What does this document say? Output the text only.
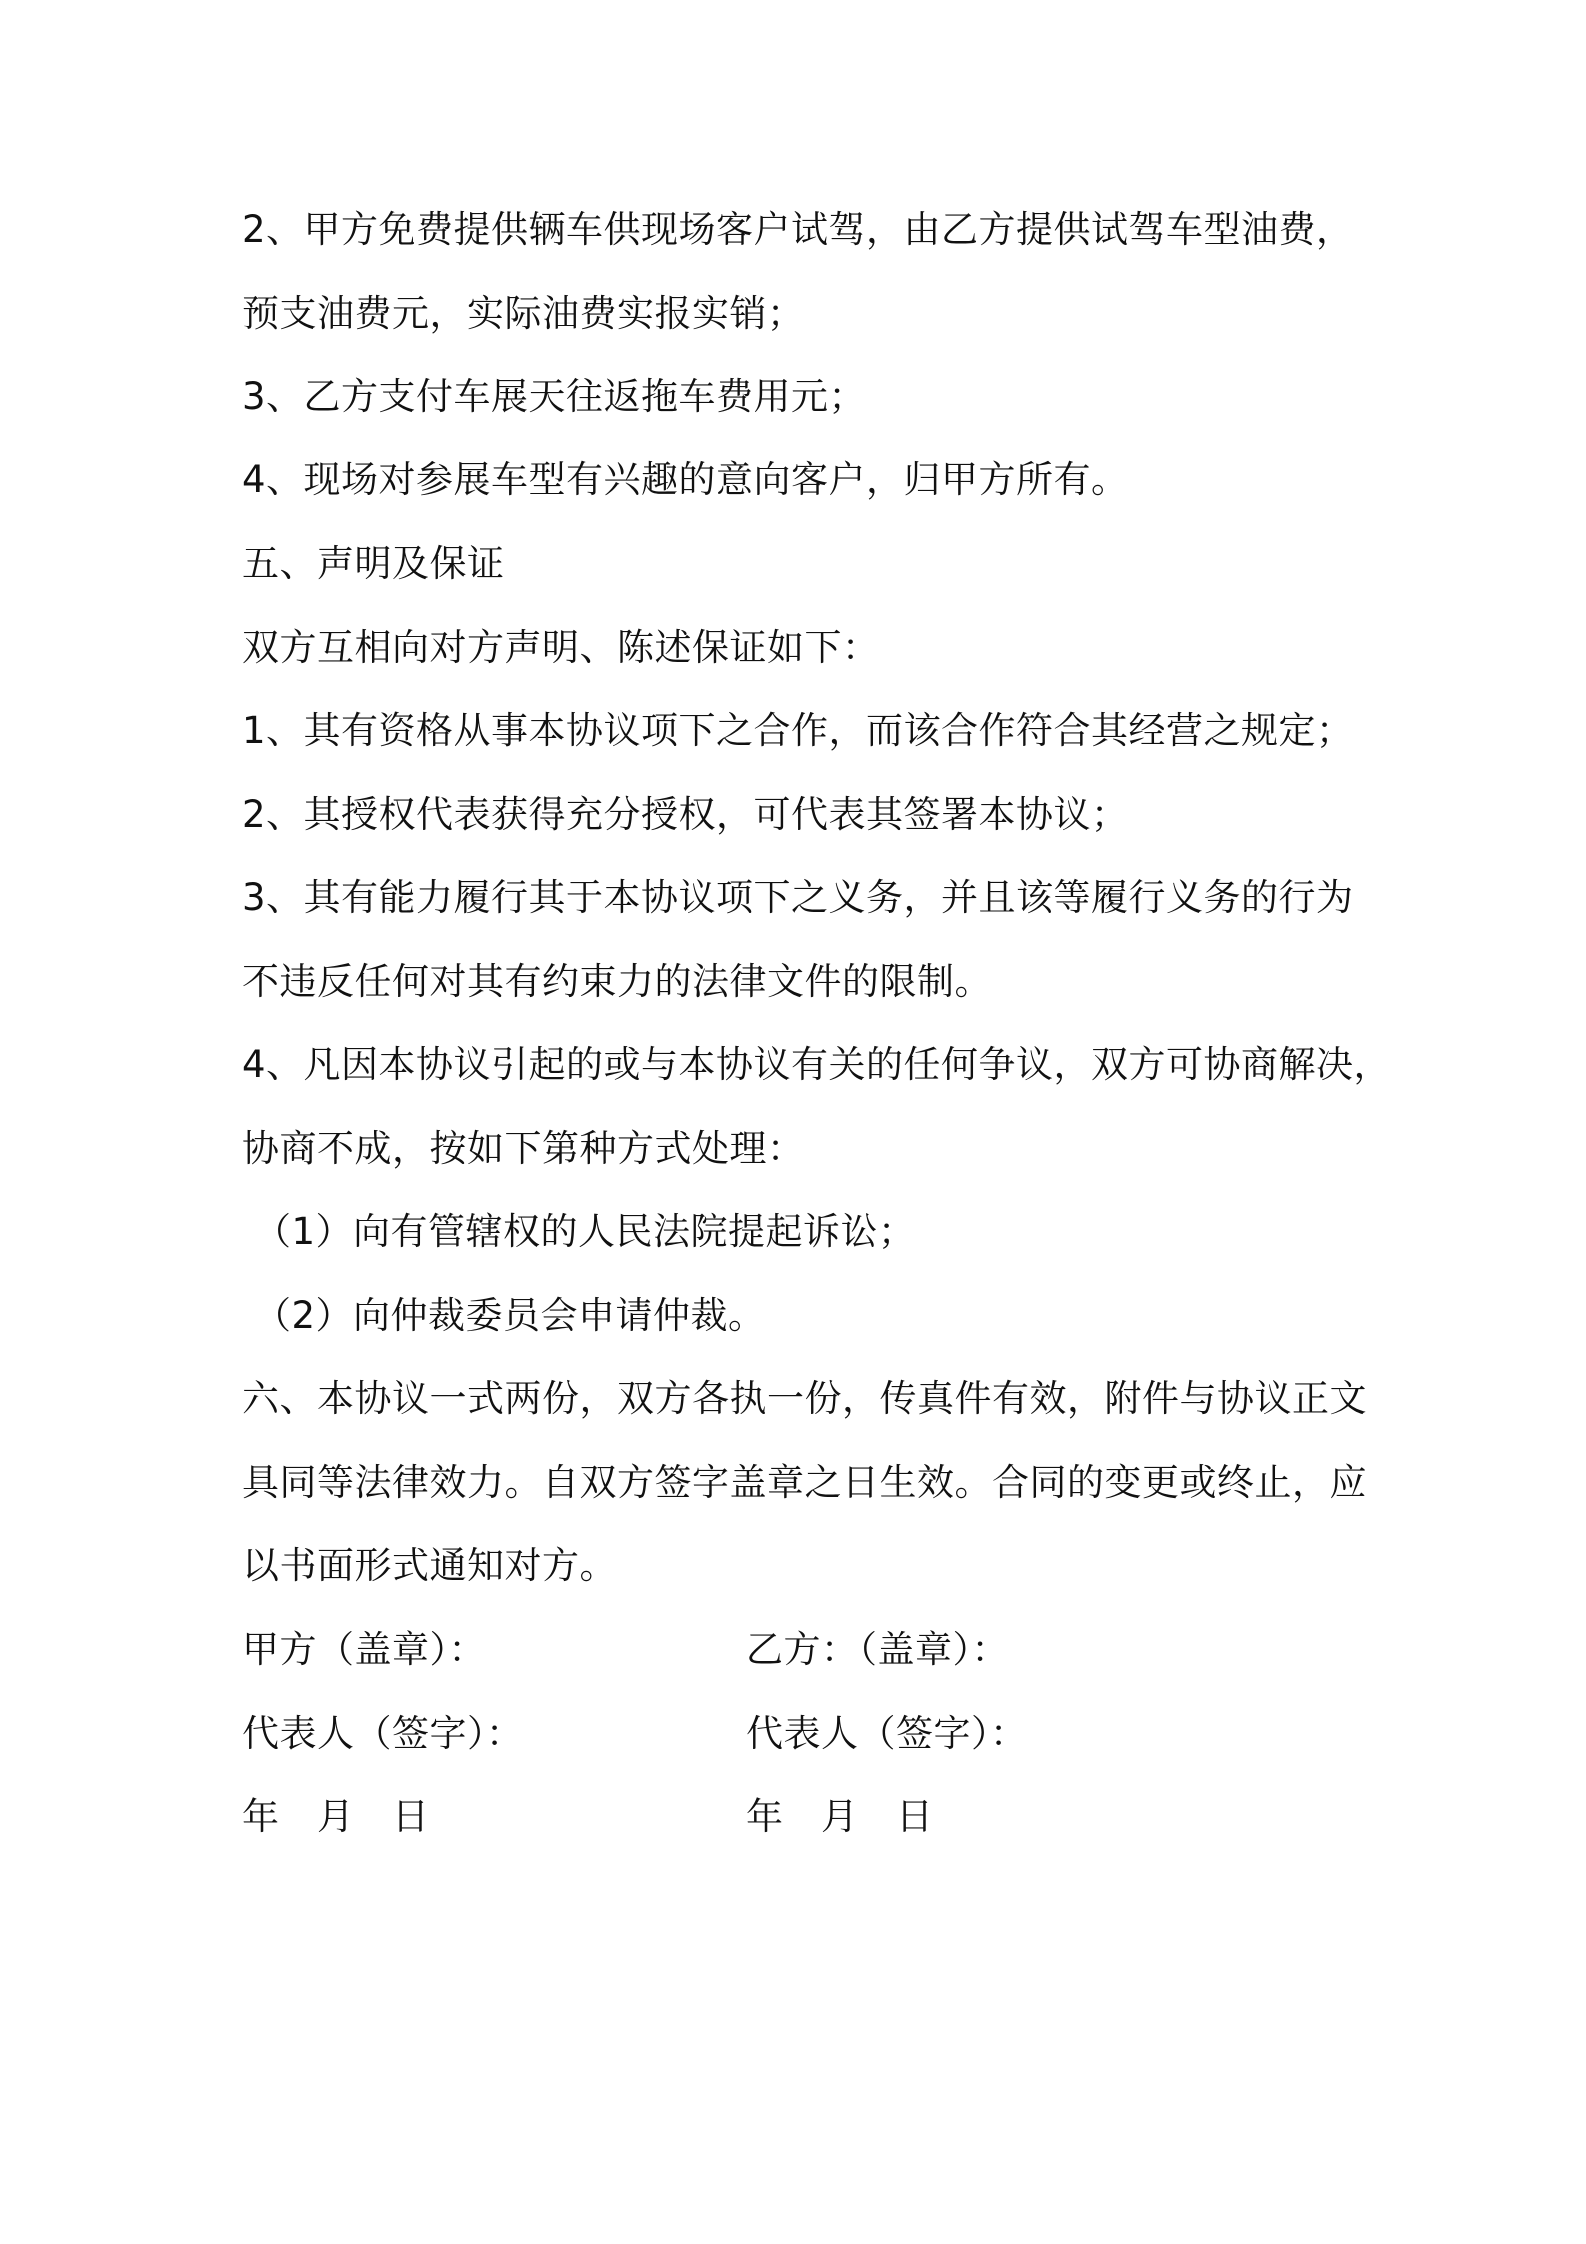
2、甲方免费提供辆车供现场客户试驾，由乙方提供试驾车型油费，
预支油费元，实际油费实报实销；
3、乙方支付车展天往返拖车费用元；
4、现场对参展车型有兴趣的意向客户，归甲方所有。
五、声明及保证
双方互相向对方声明、陈述保证如下：
1、其有资格从事本协议项下之合作，而该合作符合其经营之规定；
2、其授权代表获得充分授权，可代表其签署本协议；
3、其有能力履行其于本协议项下之义务，并且该等履行义务的行为
不违反任何对其有约束力的法律文件的限制。
4、凡因本协议引起的或与本协议有关的任何争议，双方可协商解决，
协商不成，按如下第种方式处理：
（1）向有管辖权的人民法院提起诉讼；
（2）向仲裁委员会申请仲裁。
六、本协议一式两份，双方各执一份，传真件有效，附件与协议正文
具同等法律效力。自双方签字盖章之日生效。合同的变更或终止，应
以书面形式通知对方。
甲方（盖章）：	乙方：（盖章）：
代表人（签字）：	代表人（签字）：
年 月 日	年 月 日
